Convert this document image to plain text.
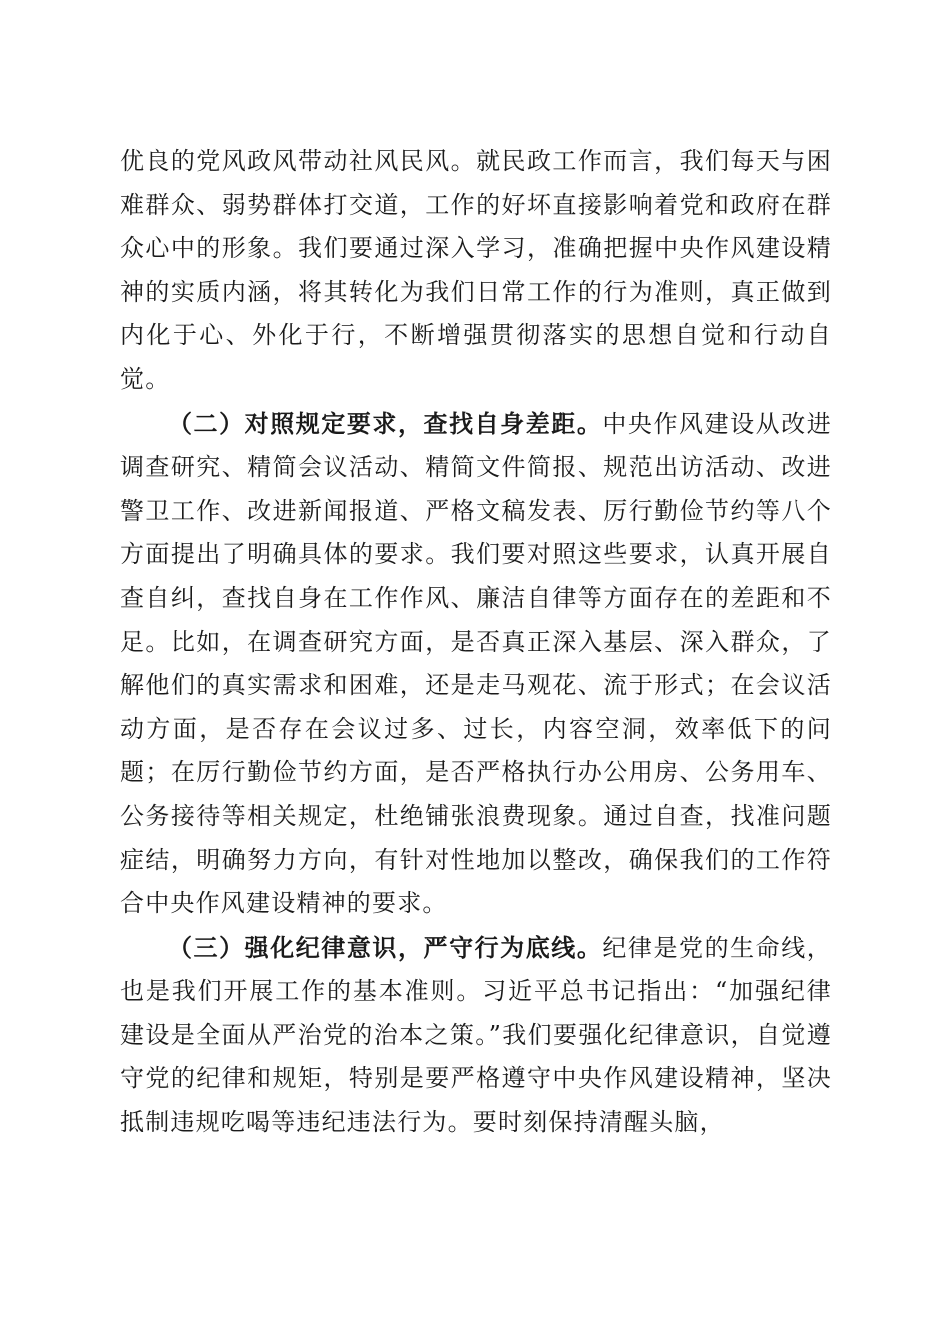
优良的党风政风带动社风民风。就民政工作而言，我们每天与困难群众、弱势群体打交道，工作的好坏直接影响着党和政府在群众心中的形象。我们要通过深入学习，准确把握中央作风建设精神的实质内涵，将其转化为我们日常工作的行为准则，真正做到内化于心、外化于行，不断增强贯彻落实的思想自觉和行动自觉。

（二）对照规定要求，查找自身差距。中央作风建设从改进调查研究、精简会议活动、精简文件简报、规范出访活动、改进警卫工作、改进新闻报道、严格文稿发表、厉行勤俭节约等八个方面提出了明确具体的要求。我们要对照这些要求，认真开展自查自纠，查找自身在工作作风、廉洁自律等方面存在的差距和不足。比如，在调查研究方面，是否真正深入基层、深入群众，了解他们的真实需求和困难，还是走马观花、流于形式；在会议活动方面，是否存在会议过多、过长，内容空洞，效率低下的问题；在厉行勤俭节约方面，是否严格执行办公用房、公务用车、公务接待等相关规定，杜绝铺张浪费现象。通过自查，找准问题症结，明确努力方向，有针对性地加以整改，确保我们的工作符合中央作风建设精神的要求。

（三）强化纪律意识，严守行为底线。纪律是党的生命线，也是我们开展工作的基本准则。习近平总书记指出：“加强纪律建设是全面从严治党的治本之策。”我们要强化纪律意识，自觉遵守党的纪律和规矩，特别是要严格遵守中央作风建设精神，坚决抵制违规吃喝等违纪违法行为。要时刻保持清醒头脑，
